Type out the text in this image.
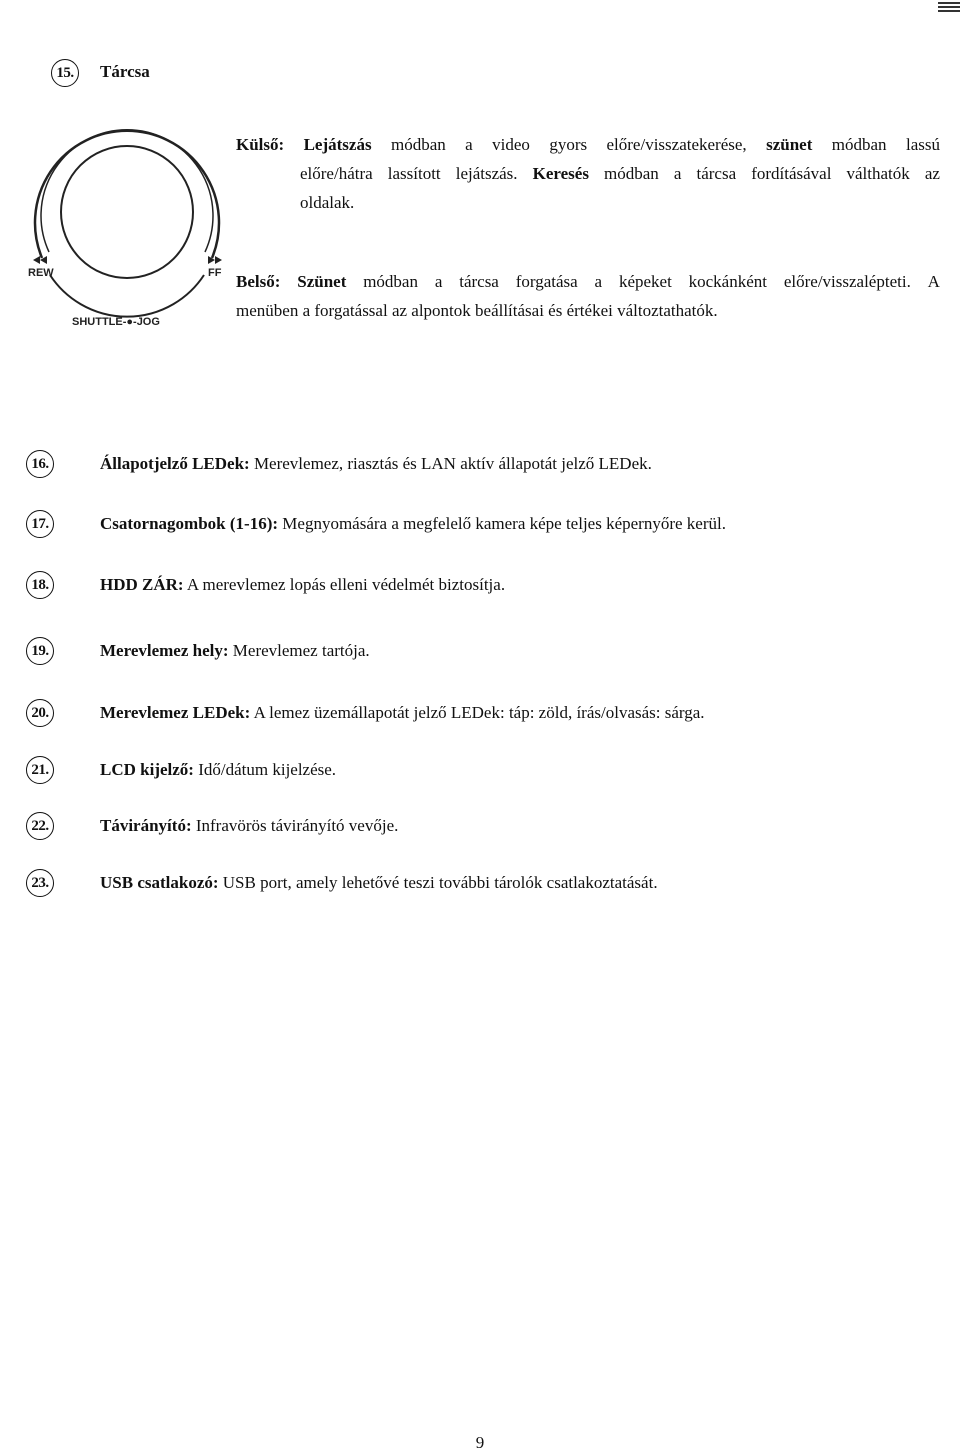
15.	Tárcsa
REW	FF
SHUTTLE-●-JOG
Külső: Lejátszás módban a video gyors előre/visszatekerése, szünet módban lassú
előre/hátra lassított lejátszás. Keresés módban a tárcsa fordításával válthatók az
oldalak.
Belső: Szünet módban a tárcsa forgatása a képeket kockánként előre/visszalépteti. A
menüben a forgatással az alpontok beállításai és értékei változtathatók.
16.	Állapotjelző LEDek: Merevlemez, riasztás és LAN aktív állapotát jelző LEDek.
17.	Csatornagombok (1-16): Megnyomására a megfelelő kamera képe teljes képernyőre kerül.
18.	HDD ZÁR: A merevlemez lopás elleni védelmét biztosítja.
19.	Merevlemez hely: Merevlemez tartója.
20.	Merevlemez LEDek: A lemez üzemállapotát jelző LEDek: táp: zöld, írás/olvasás: sárga.
21.	LCD kijelző: Idő/dátum kijelzése.
22.	Távirányító: Infravörös távirányító vevője.
23.	USB csatlakozó: USB port, amely lehetővé teszi további tárolók csatlakoztatását.
9
